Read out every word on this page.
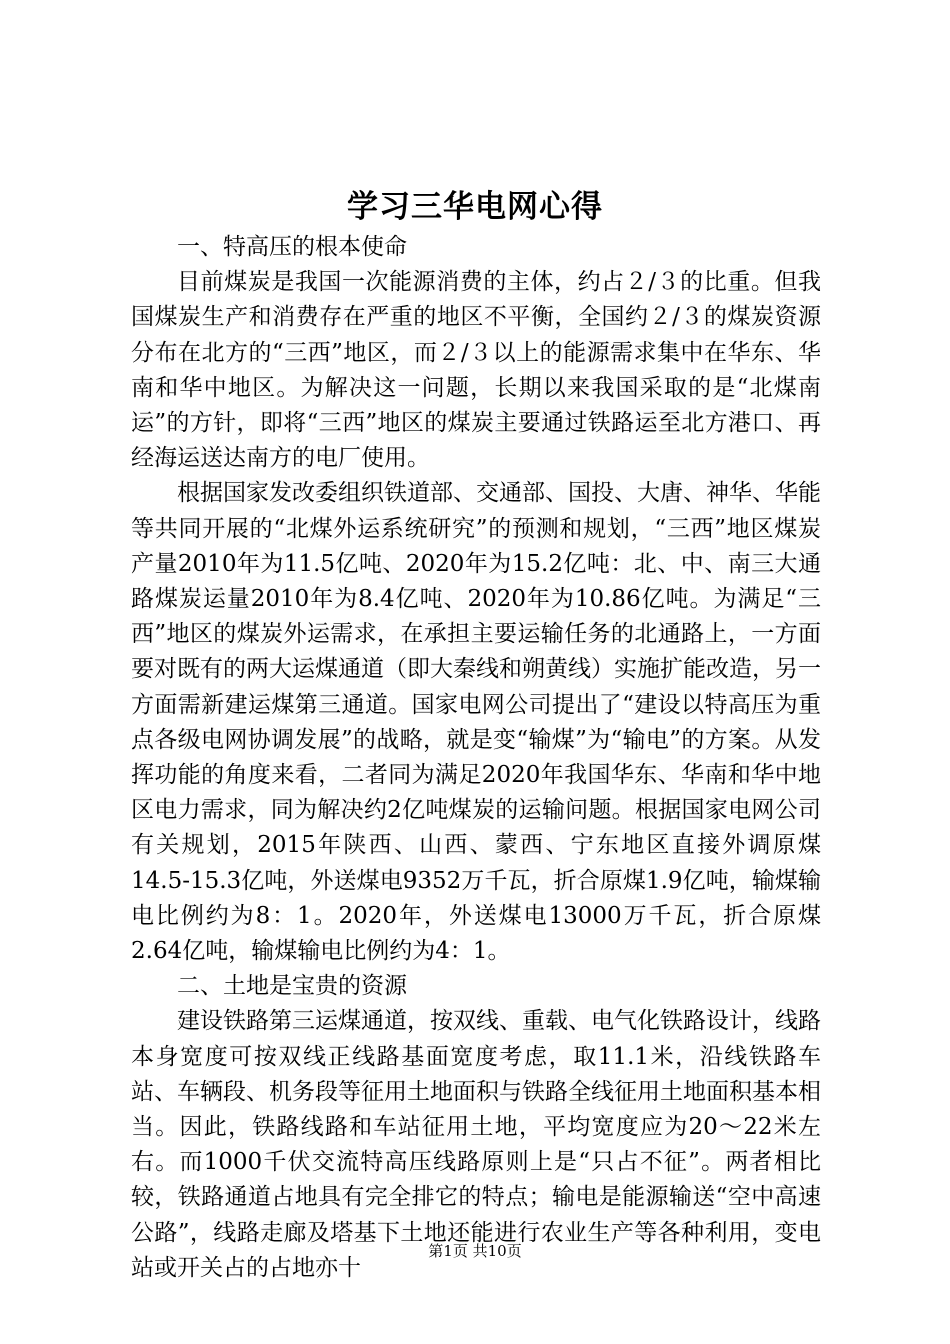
学习三华电网心得

一、特高压的根本使命

目前煤炭是我国一次能源消费的主体，约占２/３的比重。但我国煤炭生产和消费存在严重的地区不平衡，全国约２/３的煤炭资源分布在北方的“三西”地区，而２/３以上的能源需求集中在华东、华南和华中地区。为解决这一问题，长期以来我国采取的是“北煤南运”的方针，即将“三西”地区的煤炭主要通过铁路运至北方港口、再经海运送达南方的电厂使用。

根据国家发改委组织铁道部、交通部、国投、大唐、神华、华能等共同开展的“北煤外运系统研究”的预测和规划，“三西”地区煤炭产量2010年为11.5亿吨、2020年为15.2亿吨：北、中、南三大通路煤炭运量2010年为8.4亿吨、2020年为10.86亿吨。为满足“三西”地区的煤炭外运需求，在承担主要运输任务的北通路上，一方面要对既有的两大运煤通道（即大秦线和朔黄线）实施扩能改造，另一方面需新建运煤第三通道。国家电网公司提出了“建设以特高压为重点各级电网协调发展”的战略，就是变“输煤”为“输电”的方案。从发挥功能的角度来看，二者同为满足2020年我国华东、华南和华中地区电力需求，同为解决约2亿吨煤炭的运输问题。根据国家电网公司有关规划，2015年陕西、山西、蒙西、宁东地区直接外调原煤14.5-15.3亿吨，外送煤电9352万千瓦，折合原煤1.9亿吨，输煤输电比例约为8：1。2020年，外送煤电13000万千瓦，折合原煤2.64亿吨，输煤输电比例约为4：1。

二、土地是宝贵的资源

建设铁路第三运煤通道，按双线、重载、电气化铁路设计，线路本身宽度可按双线正线路基面宽度考虑，取11.1米，沿线铁路车站、车辆段、机务段等征用土地面积与铁路全线征用土地面积基本相当。因此，铁路线路和车站征用土地，平均宽度应为20～22米左右。而1000千伏交流特高压线路原则上是“只占不征”。两者相比较，铁路通道占地具有完全排它的特点；输电是能源输送“空中高速公路”，线路走廊及塔基下土地还能进行农业生产等各种利用，变电站或开关占的占地亦十

第1页 共10页
